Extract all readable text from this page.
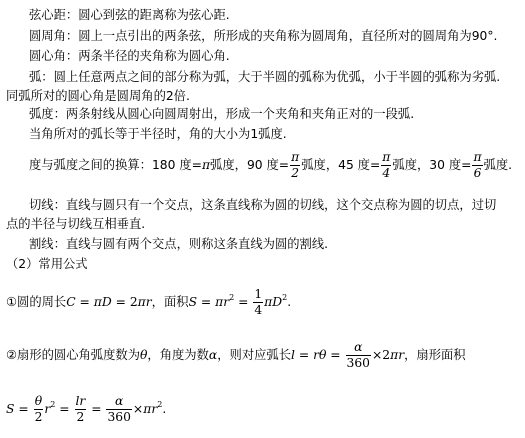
弦心距：圆心到弦的距离称为弦心距.
圆周角：圆上一点引出的两条弦，所形成的夹角称为圆周角，直径所对的圆周角为90°.
圆心角：两条半径的夹角称为圆心角.
弧：圆上任意两点之间的部分称为弧，大于半圆的弧称为优弧，小于半圆的弧称为劣弧.
同弧所对的圆心角是圆周角的2倍.
弧度：两条射线从圆心向圆周射出，形成一个夹角和夹角正对的一段弧.
当角所对的弧长等于半径时，角的大小为1弧度.
度与弧度之间的换算：180 度=π弧度，90 度= $\frac{\pi}{2}$ 弧度，45 度= $\frac{\pi}{4}$ 弧度，30 度= $\frac{\pi}{6}$ 弧度.
切线：直线与圆只有一个交点，这条直线称为圆的切线，这个交点称为圆的切点，过切
点的半径与切线互相垂直.
割线：直线与圆有两个交点，则称这条直线为圆的割线.
（2）常用公式
①圆的周长C = πD = 2πr，面积$S = \pi r^2 = \frac{1}{4} \pi D^2$.
②扇形的圆心角弧度数为θ，角度为数α，则对应弧长$l = r\theta = \frac{\alpha}{360} \times 2\pi r$，扇形面积
$S = \frac{\theta}{2} r^2 = \frac{lr}{2} = \frac{\alpha}{360} \times\pi r^2$.
